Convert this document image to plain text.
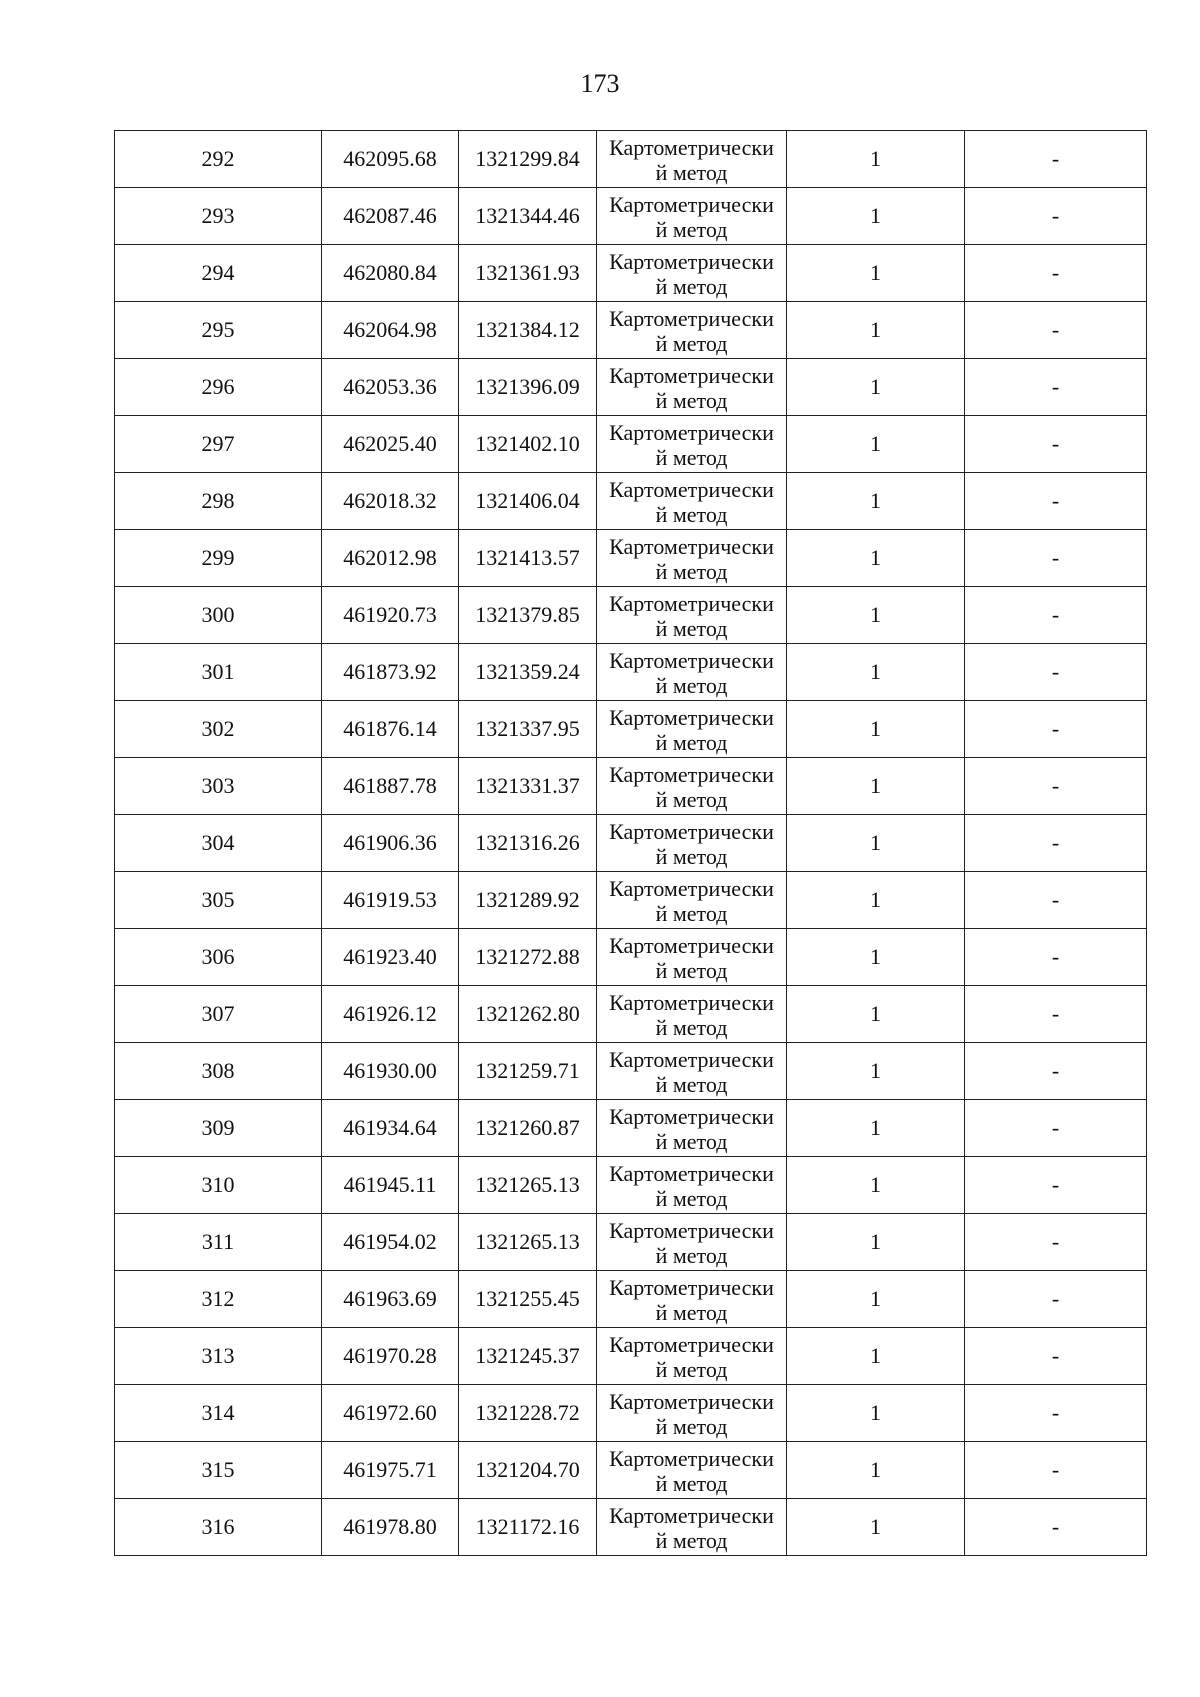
173
292	462095.68	1321299.84	Картометрически
й метод	1	-
293	462087.46	1321344.46	Картометрически
й метод	1	-
294	462080.84	1321361.93	Картометрически
й метод	1	-
295	462064.98	1321384.12	Картометрически
й метод	1	-
296	462053.36	1321396.09	Картометрически
й метод	1	-
297	462025.40	1321402.10	Картометрически
й метод	1	-
298	462018.32	1321406.04	Картометрически
й метод	1	-
299	462012.98	1321413.57	Картометрически
й метод	1	-
300	461920.73	1321379.85	Картометрически
й метод	1	-
301	461873.92	1321359.24	Картометрически
й метод	1	-
302	461876.14	1321337.95	Картометрически
й метод	1	-
303	461887.78	1321331.37	Картометрически
й метод	1	-
304	461906.36	1321316.26	Картометрически
й метод	1	-
305	461919.53	1321289.92	Картометрически
й метод	1	-
306	461923.40	1321272.88	Картометрически
й метод	1	-
307	461926.12	1321262.80	Картометрически
й метод	1	-
308	461930.00	1321259.71	Картометрически
й метод	1	-
309	461934.64	1321260.87	Картометрически
й метод	1	-
310	461945.11	1321265.13	Картометрически
й метод	1	-
311	461954.02	1321265.13	Картометрически
й метод	1	-
312	461963.69	1321255.45	Картометрически
й метод	1	-
313	461970.28	1321245.37	Картометрически
й метод	1	-
314	461972.60	1321228.72	Картометрически
й метод	1	-
315	461975.71	1321204.70	Картометрически
й метод	1	-
316	461978.80	1321172.16	Картометрически
й метод	1	-
